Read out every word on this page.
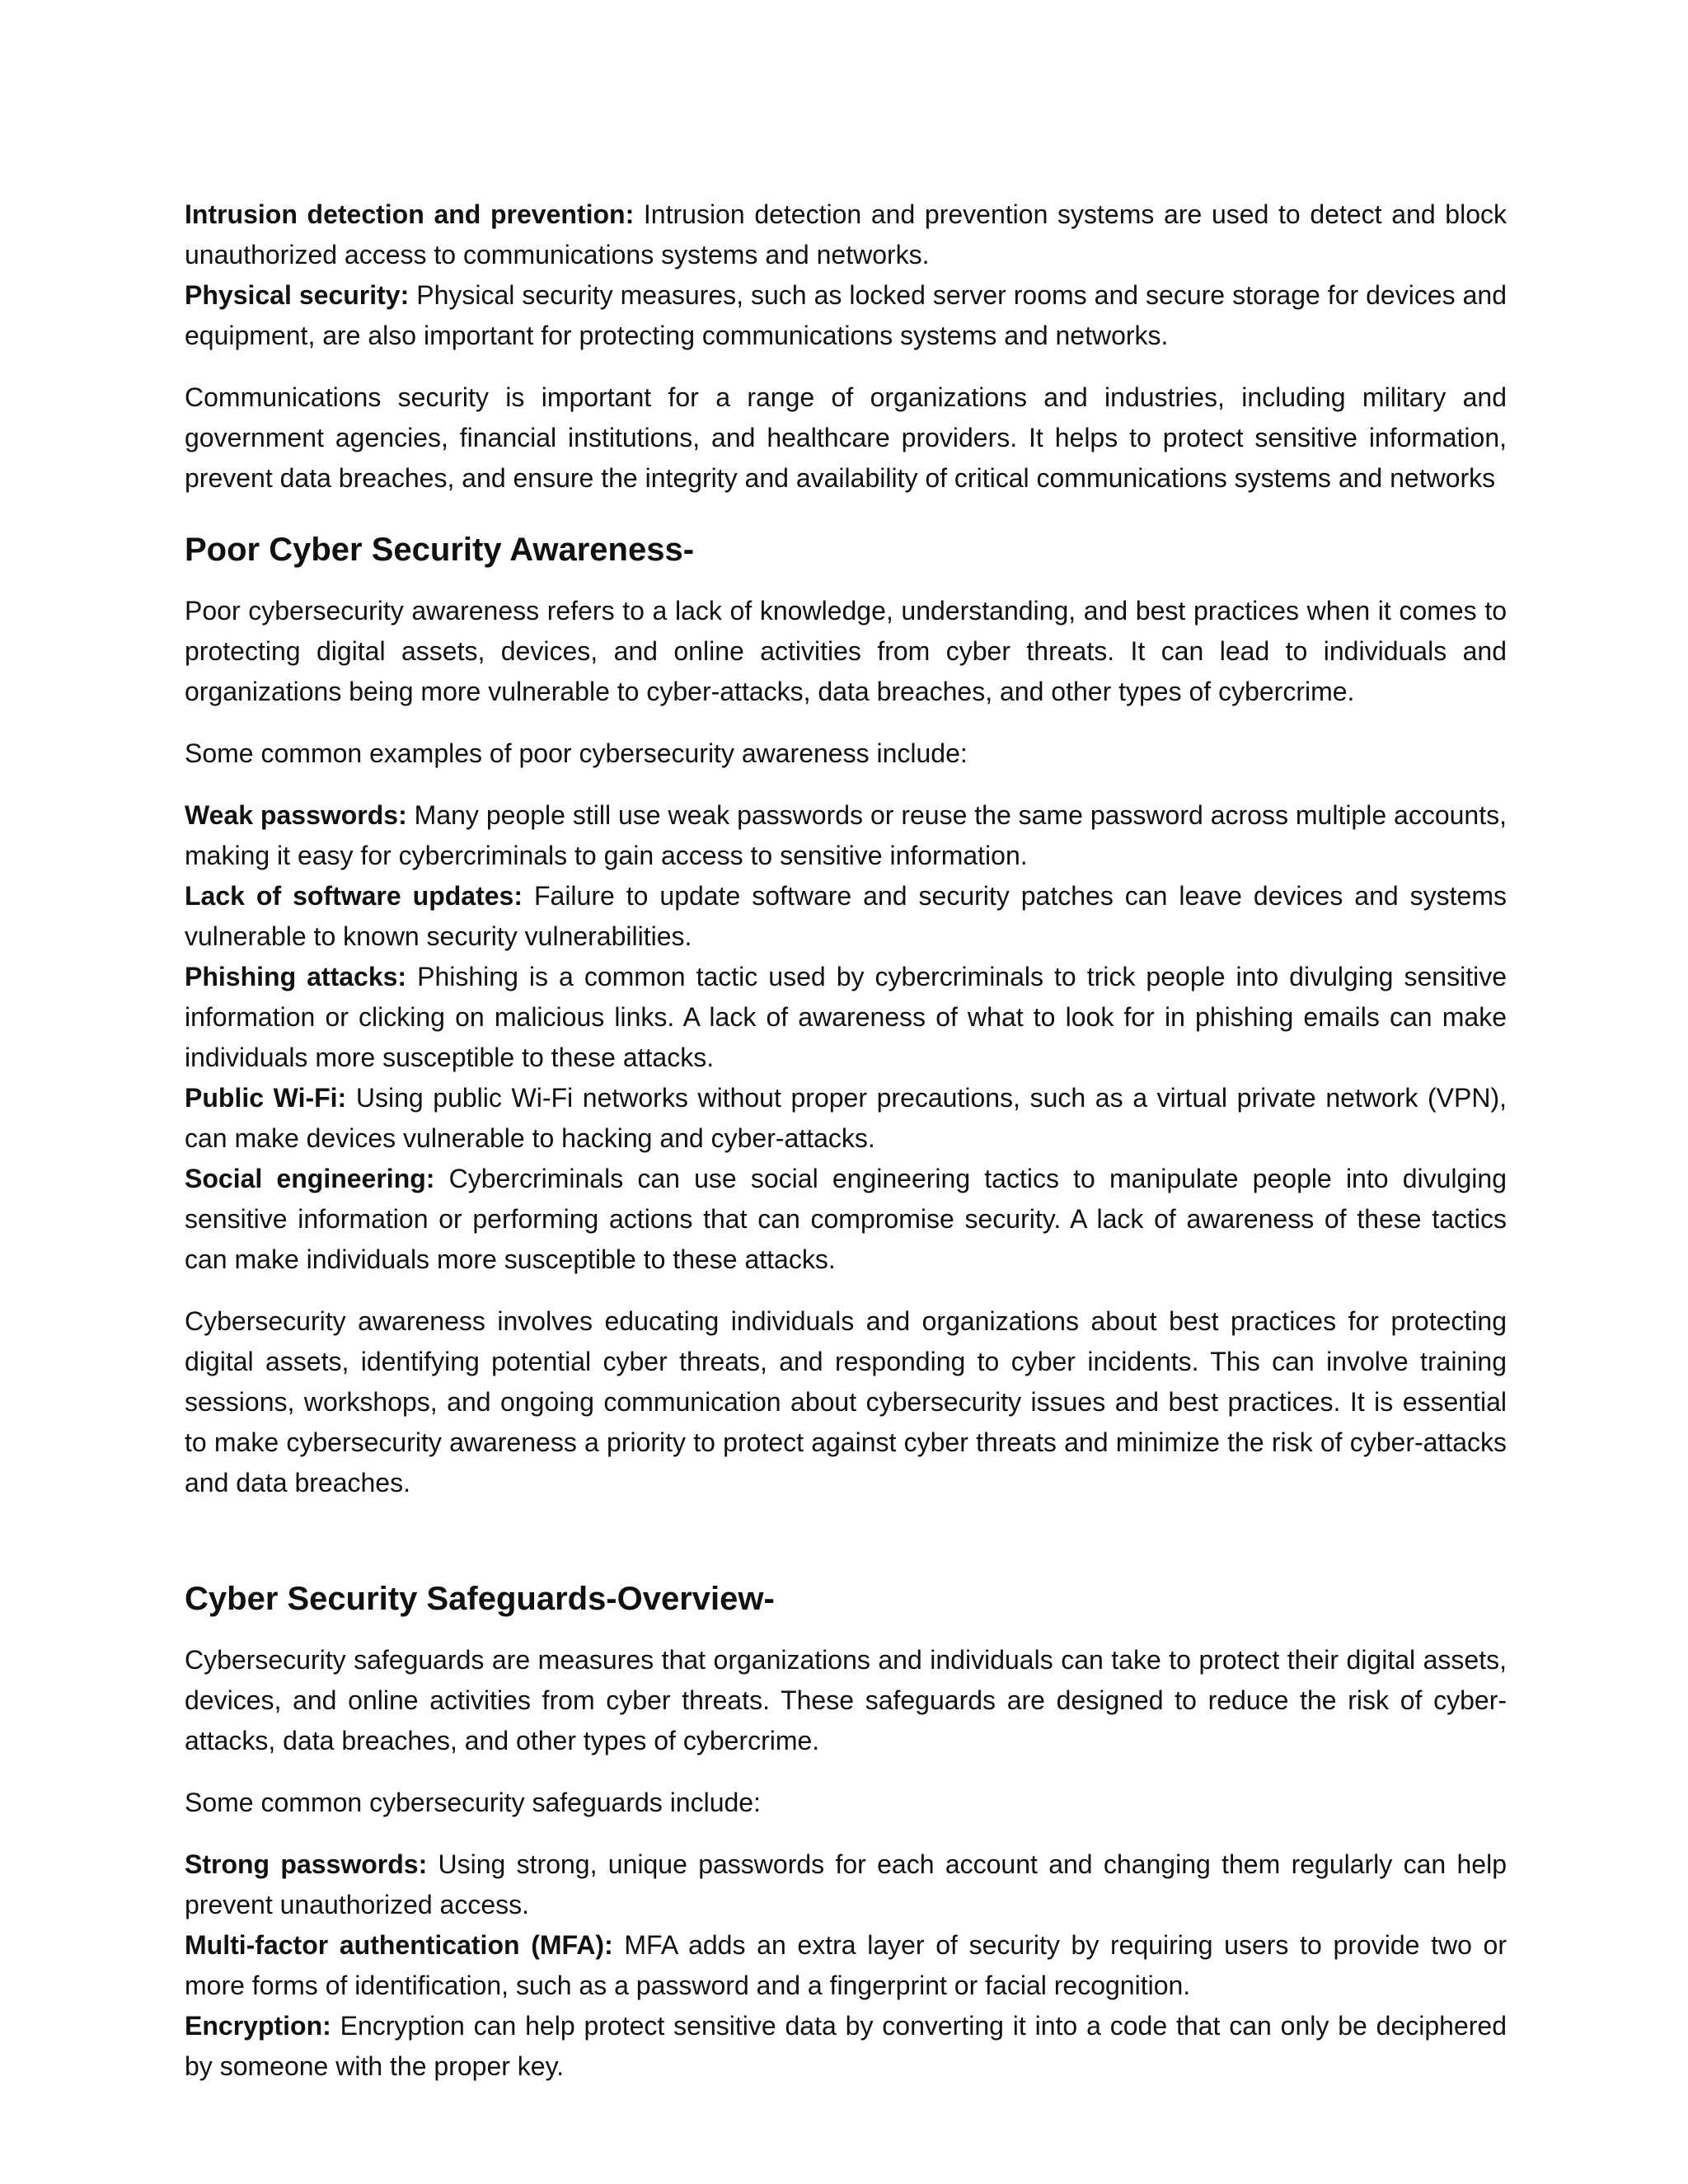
Intrusion detection and prevention: Intrusion detection and prevention systems are used to detect and block unauthorized access to communications systems and networks.

Physical security: Physical security measures, such as locked server rooms and secure storage for devices and equipment, are also important for protecting communications systems and networks.

Communications security is important for a range of organizations and industries, including military and government agencies, financial institutions, and healthcare providers. It helps to protect sensitive information, prevent data breaches, and ensure the integrity and availability of critical communications systems and networks

Poor Cyber Security Awareness-

Poor cybersecurity awareness refers to a lack of knowledge, understanding, and best practices when it comes to protecting digital assets, devices, and online activities from cyber threats. It can lead to individuals and organizations being more vulnerable to cyber-attacks, data breaches, and other types of cybercrime.

Some common examples of poor cybersecurity awareness include:

Weak passwords: Many people still use weak passwords or reuse the same password across multiple accounts, making it easy for cybercriminals to gain access to sensitive information.

Lack of software updates: Failure to update software and security patches can leave devices and systems vulnerable to known security vulnerabilities.

Phishing attacks: Phishing is a common tactic used by cybercriminals to trick people into divulging sensitive information or clicking on malicious links. A lack of awareness of what to look for in phishing emails can make individuals more susceptible to these attacks.

Public Wi-Fi: Using public Wi-Fi networks without proper precautions, such as a virtual private network (VPN), can make devices vulnerable to hacking and cyber-attacks.

Social engineering: Cybercriminals can use social engineering tactics to manipulate people into divulging sensitive information or performing actions that can compromise security. A lack of awareness of these tactics can make individuals more susceptible to these attacks.

Cybersecurity awareness involves educating individuals and organizations about best practices for protecting digital assets, identifying potential cyber threats, and responding to cyber incidents. This can involve training sessions, workshops, and ongoing communication about cybersecurity issues and best practices. It is essential to make cybersecurity awareness a priority to protect against cyber threats and minimize the risk of cyber-attacks and data breaches.

Cyber Security Safeguards-Overview-

Cybersecurity safeguards are measures that organizations and individuals can take to protect their digital assets, devices, and online activities from cyber threats. These safeguards are designed to reduce the risk of cyber-attacks, data breaches, and other types of cybercrime.

Some common cybersecurity safeguards include:

Strong passwords: Using strong, unique passwords for each account and changing them regularly can help prevent unauthorized access.

Multi-factor authentication (MFA): MFA adds an extra layer of security by requiring users to provide two or more forms of identification, such as a password and a fingerprint or facial recognition.

Encryption: Encryption can help protect sensitive data by converting it into a code that can only be deciphered by someone with the proper key.
